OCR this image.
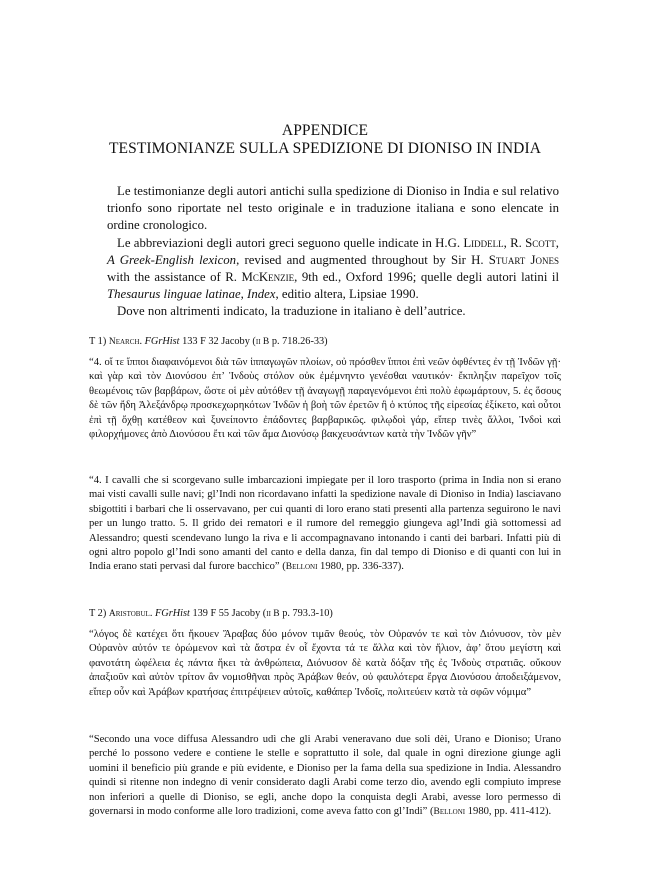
APPENDICE
TESTIMONIANZE SULLA SPEDIZIONE DI DIONISO IN INDIA

Le testimonianze degli autori antichi sulla spedizione di Dioniso in India e sul relativo trionfo sono riportate nel testo originale e in traduzione italiana e sono elencate in ordine cronologico.

Le abbreviazioni degli autori greci seguono quelle indicate in H.G. Liddell, R. Scott, A Greek-English lexicon, revised and augmented throughout by Sir H. Stuart Jones with the assistance of R. McKenzie, 9th ed., Oxford 1996; quelle degli autori latini il Thesaurus linguae latinae, Index, editio altera, Lipsiae 1990.

Dove non altrimenti indicato, la traduzione in italiano è dell’autrice.

T 1) Nearch. FGrHist 133 F 32 Jacoby (ii B p. 718.26-33)

“4. οἵ τε ἵπποι διαφαινόμενοι διὰ τῶν ἱππαγωγῶν πλοίων, οὐ πρόσθεν ἵπποι ἐπὶ νεῶν ὀφθέντες ἐν τῇ Ἰνδῶν γῇ· καὶ γὰρ καὶ τὸν Διονύσου ἐπ’ Ἰνδοὺς στόλον οὐκ ἐμέμνηντο γενέσθαι ναυτικόν· ἔκπληξιν παρεῖχον τοῖς θεωμένοις τῶν βαρβάρων, ὥστε οἱ μὲν αὐτόθεν τῇ ἀναγωγῇ παραγενόμενοι ἐπὶ πολὺ ἐφωμάρτουν, 5. ἐς ὅσους δὲ τῶν ἤδη Ἀλεξάνδρῳ προσκεχωρηκότων Ἰνδῶν ἡ βοὴ τῶν ἐρετῶν ἢ ὁ κτύπος τῆς εἰρεσίας ἐξίκετο, καὶ οὗτοι ἐπὶ τῇ ὄχθῃ κατέθεον καὶ ξυνείποντο ἐπάδοντες βαρβαρικῶς. φιλῳδοὶ γάρ, εἴπερ τινὲς ἄλλοι, Ἰνδοὶ καὶ φιλορχήμονες ἀπὸ Διονύσου ἔτι καὶ τῶν ἅμα Διονύσῳ βακχευσάντων κατὰ τὴν Ἰνδῶν γῆν”

“4. I cavalli che si scorgevano sulle imbarcazioni impiegate per il loro trasporto (prima in India non si erano mai visti cavalli sulle navi; gl’Indi non ricordavano infatti la spedizione navale di Dioniso in India) lasciavano sbigottiti i barbari che li osservavano, per cui quanti di loro erano stati presenti alla partenza seguirono le navi per un lungo tratto. 5. Il grido dei rematori e il rumore del remeggio giungeva agl’Indi già sottomessi ad Alessandro; questi scendevano lungo la riva e li accompagnavano intonando i canti dei barbari. Infatti più di ogni altro popolo gl’Indi sono amanti del canto e della danza, fin dal tempo di Dioniso e di quanti con lui in India erano stati pervasi dal furore bacchico” (Belloni 1980, pp. 336-337).

T 2) Aristobul. FGrHist 139 F 55 Jacoby (ii B p. 793.3-10)

“λόγος δὲ κατέχει ὅτι ἤκουεν Ἄραβας δύο μόνον τιμᾶν θεούς, τὸν Οὐρανόν τε καὶ τὸν Διόνυσον, τὸν μὲν Οὐρανὸν αὐτόν τε ὁρώμενον καὶ τὰ ἄστρα ἐν οἷ ἔχοντα τά τε ἄλλα καὶ τὸν ἥλιον, ἀφ’ ὅτου μεγίστη καὶ φανοτάτη ὠφέλεια ἐς πάντα ἥκει τὰ ἀνθρώπεια, Διόνυσον δὲ κατὰ δόξαν τῆς ἐς Ἰνδοὺς στρατιᾶς. οὔκουν ἀπαξιοῦν καὶ αὐτὸν τρίτον ἂν νομισθῆναι πρὸς Ἀράβων θεόν, οὐ φαυλότερα ἔργα Διονύσου ἀποδειξάμενον, εἴπερ οὖν καὶ Ἀράβων κρατήσας ἐπιτρέψειεν αὐτοῖς, καθάπερ Ἰνδοῖς, πολιτεύειν κατὰ τὰ σφῶν νόμιμα”

“Secondo una voce diffusa Alessandro udì che gli Arabi veneravano due soli dèi, Urano e Dioniso; Urano perché lo possono vedere e contiene le stelle e soprattutto il sole, dal quale in ogni direzione giunge agli uomini il beneficio più grande e più evidente, e Dioniso per la fama della sua spedizione in India. Alessandro quindi si ritenne non indegno di venir considerato dagli Arabi come terzo dio, avendo egli compiuto imprese non inferiori a quelle di Dioniso, se egli, anche dopo la conquista degli Arabi, avesse loro permesso di governarsi in modo conforme alle loro tradizioni, come aveva fatto con gl’Indi” (Belloni 1980, pp. 411-412).
